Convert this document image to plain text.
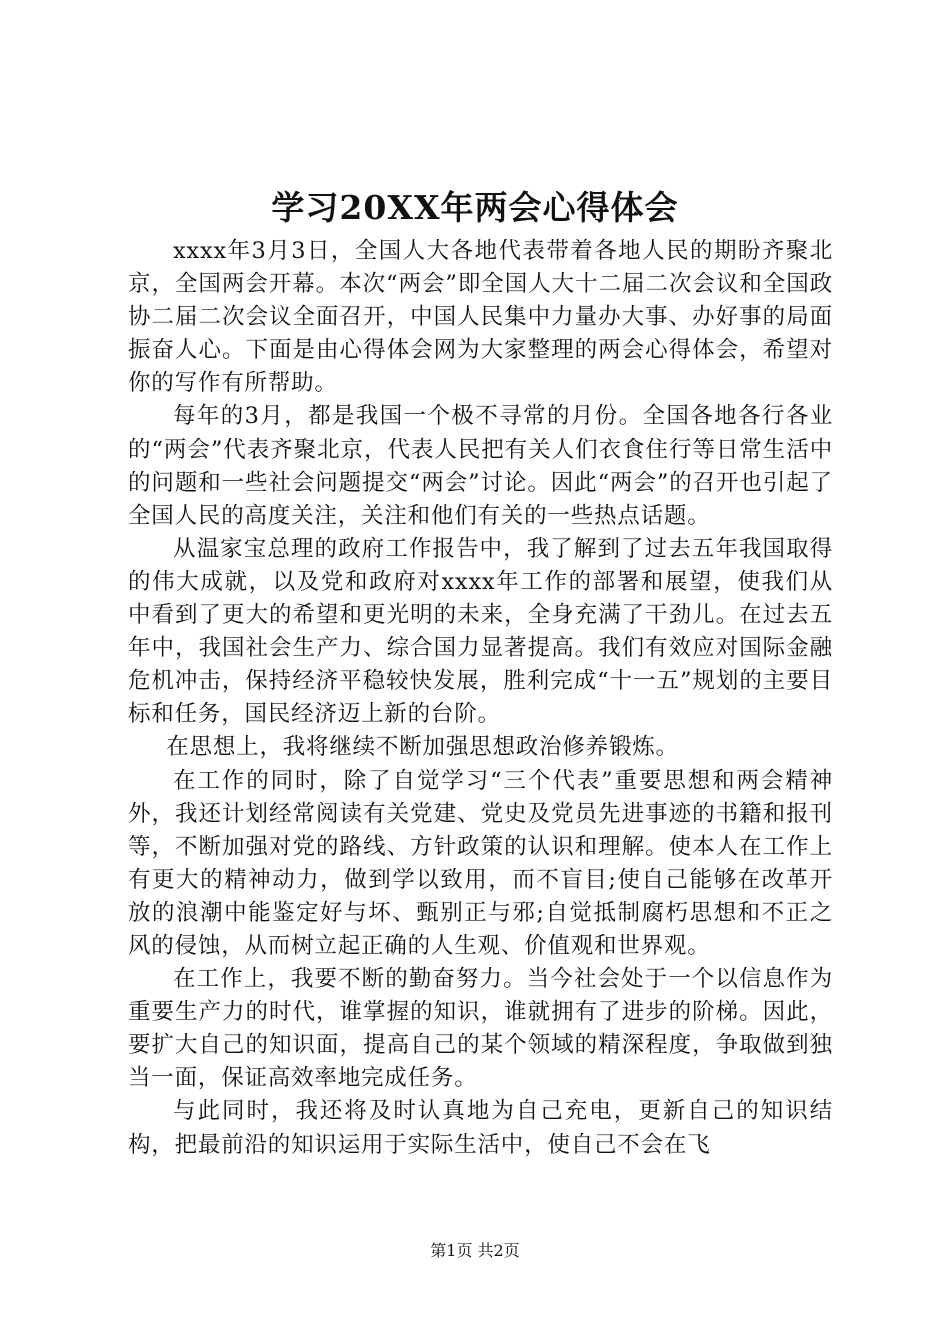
学习20XX年两会心得体会

xxxx年3月3日，全国人大各地代表带着各地人民的期盼齐聚北京，全国两会开幕。本次“两会”即全国人大十二届二次会议和全国政协二届二次会议全面召开，中国人民集中力量办大事、办好事的局面振奋人心。下面是由心得体会网为大家整理的两会心得体会，希望对你的写作有所帮助。

每年的3月，都是我国一个极不寻常的月份。全国各地各行各业的“两会”代表齐聚北京，代表人民把有关人们衣食住行等日常生活中的问题和一些社会问题提交“两会”讨论。因此“两会”的召开也引起了全国人民的高度关注，关注和他们有关的一些热点话题。

从温家宝总理的政府工作报告中，我了解到了过去五年我国取得的伟大成就，以及党和政府对xxxx年工作的部署和展望，使我们从中看到了更大的希望和更光明的未来，全身充满了干劲儿。在过去五年中，我国社会生产力、综合国力显著提高。我们有效应对国际金融危机冲击，保持经济平稳较快发展，胜利完成“十一五”规划的主要目标和任务，国民经济迈上新的台阶。

在思想上，我将继续不断加强思想政治修养锻炼。

在工作的同时，除了自觉学习“三个代表”重要思想和两会精神外，我还计划经常阅读有关党建、党史及党员先进事迹的书籍和报刊等，不断加强对党的路线、方针政策的认识和理解。使本人在工作上有更大的精神动力，做到学以致用，而不盲目;使自己能够在改革开放的浪潮中能鉴定好与坏、甄别正与邪;自觉抵制腐朽思想和不正之风的侵蚀，从而树立起正确的人生观、价值观和世界观。

在工作上，我要不断的勤奋努力。当今社会处于一个以信息作为重要生产力的时代，谁掌握的知识，谁就拥有了进步的阶梯。因此，要扩大自己的知识面，提高自己的某个领域的精深程度，争取做到独当一面，保证高效率地完成任务。

与此同时，我还将及时认真地为自己充电，更新自己的知识结构，把最前沿的知识运用于实际生活中，使自己不会在飞

第1页 共2页
